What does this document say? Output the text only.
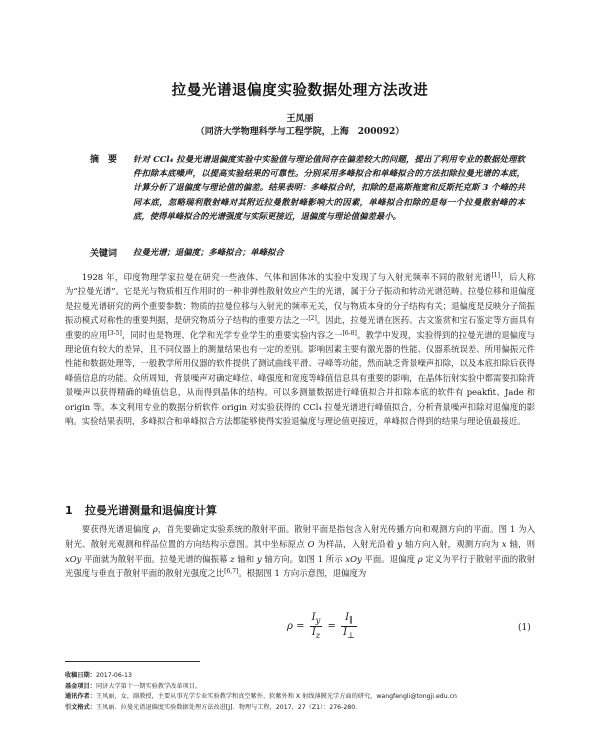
拉曼光谱退偏度实验数据处理方法改进
王凤丽
（同济大学物理科学与工程学院，上海　200092）
摘　要 针对 CCl₄ 拉曼光谱退偏度实验中实验值与理论值间存在偏差较大的问题，提出了利用专业的数据处理软件扣除本底噪声，以提高实验结果的可靠性。分别采用多峰拟合和单峰拟合的方法扣除拉曼光谱的本底，计算分析了退偏度与理论值的偏差。结果表明：多峰拟合时，扣除的是高斯拖宽和反斯托克斯 3 个峰的共同本底，忽略瑞利散射峰对其附近拉曼散射峰影响大的因素，单峰拟合扣除的是每一个拉曼散射峰的本底，使得单峰拟合的光谱强度与实际更接近，退偏度与理论值偏差最小。
关键词 拉曼光谱；退偏度；多峰拟合；单峰拟合
1928 年，印度物理学家拉曼在研究一些液体、气体和固体冰的实验中发现了与入射光频率不同的散射光谱[1]，后人称为“拉曼光谱”。它是光与物质相互作用时的一种非弹性散射效应产生的光谱，属于分子振动和转动光谱范畴。拉曼位移和退偏度是拉曼光谱研究的两个重要参数：物质的拉曼位移与入射光的频率无关，仅与物质本身的分子结构有关；退偏度是反映分子简振振动模式对称性的重要判据，是研究物质分子结构的重要方法之一[2]。因此，拉曼光谱在医药、古文鉴赏和宝石鉴定等方面具有重要的应用[3-5]，同时也是物理、化学和光学专业学生的重要实验内容之一[6-8]。教学中发现，实验得到的拉曼光谱的退偏度与理论值有较大的差异，且不同仪器上的测量结果也有一定的差别。影响因素主要有激光器的性能、仪器系统误差、所用偏振元件性能和数据处理等，一般教学所用仪器的软件提供了测试曲线平滑、寻峰等功能，然而缺乏背景噪声扣除，以及本底扣除后获得峰值信息的功能。众所周知，背景噪声对确定峰位、峰强度和宽度等峰值信息具有重要的影响，在晶体衍射实验中都需要扣除背景噪声以获得精确的峰值信息，从而得到晶体的结构。可以多测量数据进行峰值拟合并扣除本底的软件有 peakfit、Jade 和 origin 等。本文利用专业的数据分析软件 origin 对实验获得的 CCl₄ 拉曼光谱进行峰值拟合，分析背景噪声扣除对退偏度的影响。实验结果表明，多峰拟合和单峰拟合方法都能够使得实验退偏度与理论值更接近，单峰拟合得到的结果与理论值最接近。
1 拉曼光谱测量和退偏度计算
要获得光谱退偏度 ρ，首先要确定实验系统的散射平面。散射平面是指包含入射光传播方向和观测方向的平面。图 1 为入射光、散射光观测和样品位置的方向结构示意图。其中坐标原点 O 为样品，入射光沿着 y 轴方向入射，观测方向为 x 轴，则 xOy 平面就为散射平面。拉曼光谱的偏振幕 z 轴和 y 轴方向。如图 1 所示 xOy 平面。退偏度 ρ 定义为平行于散射平面的散射光强度与垂直于散射平面的散射光强度之比[6,7]。根据图 1 方向示意图，退偏度为
$\rho = \frac{I_y}{I_z} = \frac{I_\parallel}{I_\perp}$	(1)
收稿日期：2017-06-13
基金项目：同济大学第十一期实验教学改革项目。
通讯作者：王凤丽，女，副教授，主要从事光学专业实验教学和真空紫外、软紫外和 X 射线薄膜光学方面的研究，wangfengli@tongji.edu.cn
引文格式：王凤丽．拉曼光谱退偏度实验数据处理方法改进[J]．物理与工程，2017，27（Z1）：276-280.
